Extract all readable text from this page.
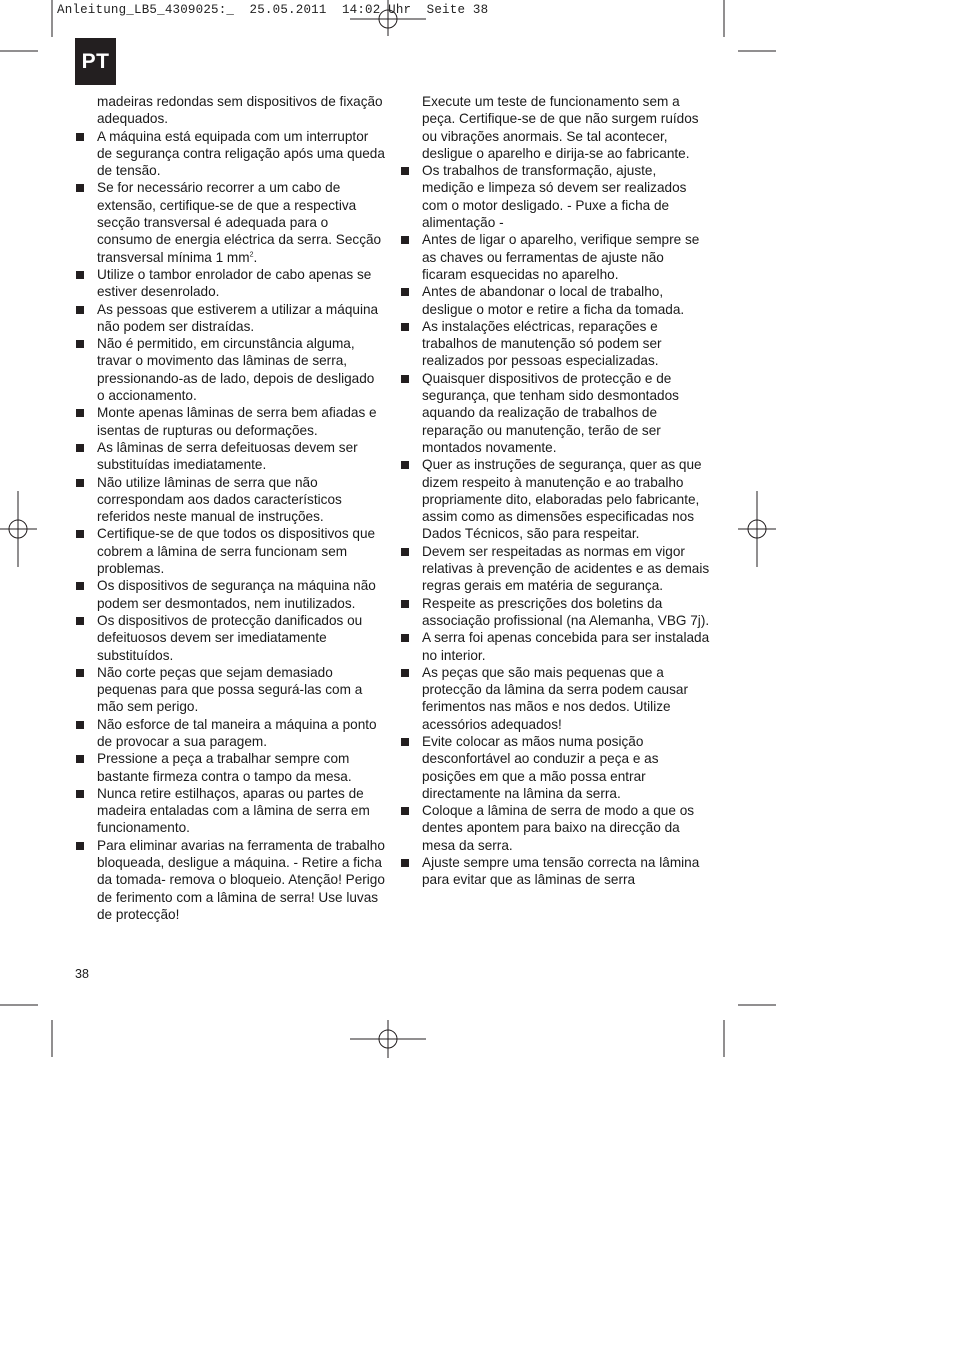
Anleitung_LB5_4309025:_  25.05.2011  14:02 Uhr  Seite 38
PT

madeiras redondas sem dispositivos de fixação adequados.

A máquina está equipada com um interruptor de segurança contra religação após uma queda de tensão.
Se for necessário recorrer a um cabo de extensão, certifique-se de que a respectiva secção transversal é adequada para o consumo de energia eléctrica da serra. Secção transversal mínima 1 $mm^2$.
Utilize o tambor enrolador de cabo apenas se estiver desenrolado.
As pessoas que estiverem a utilizar a máquina não podem ser distraídas.
Não é permitido, em circunstância alguma, travar o movimento das lâminas de serra, pressionando-as de lado, depois de desligado o accionamento.
Monte apenas lâminas de serra bem afiadas e isentas de rupturas ou deformações.
As lâminas de serra defeituosas devem ser substituídas imediatamente.
Não utilize lâminas de serra que não correspondam aos dados característicos referidos neste manual de instruções.
Certifique-se de que todos os dispositivos que cobrem a lâmina de serra funcionam sem problemas.
Os dispositivos de segurança na máquina não podem ser desmontados, nem inutilizados.
Os dispositivos de protecção danificados ou defeituosos devem ser imediatamente substituídos.
Não corte peças que sejam demasiado pequenas para que possa segurá-las com a mão sem perigo.
Não esforce de tal maneira a máquina a ponto de provocar a sua paragem.
Pressione a peça a trabalhar sempre com bastante firmeza contra o tampo da mesa.
Nunca retire estilhaços, aparas ou partes de madeira entaladas com a lâmina de serra em funcionamento.
Para eliminar avarias na ferramenta de trabalho bloqueada, desligue a máquina. - Retire a ficha da tomada- remova o bloqueio. Atenção! Perigo de ferimento com a lâmina de serra! Use luvas de protecção!

Execute um teste de funcionamento sem a peça. Certifique-se de que não surgem ruídos ou vibrações anormais. Se tal acontecer, desligue o aparelho e dirija-se ao fabricante.

Os trabalhos de transformação, ajuste, medição e limpeza só devem ser realizados com o motor desligado. - Puxe a ficha de alimentação -
Antes de ligar o aparelho, verifique sempre se as chaves ou ferramentas de ajuste não ficaram esquecidas no aparelho.
Antes de abandonar o local de trabalho, desligue o motor e retire a ficha da tomada.
As instalações eléctricas, reparações e trabalhos de manutenção só podem ser realizados por pessoas especializadas.
Quaisquer dispositivos de protecção e de segurança, que tenham sido desmontados aquando da realização de trabalhos de reparação ou manutenção, terão de ser montados novamente.
Quer as instruções de segurança, quer as que dizem respeito à manutenção e ao trabalho propriamente dito, elaboradas pelo fabricante, assim como as dimensões especificadas nos Dados Técnicos, são para respeitar.
Devem ser respeitadas as normas em vigor relativas à prevenção de acidentes e as demais regras gerais em matéria de segurança.
Respeite as prescrições dos boletins da associação profissional (na Alemanha, VBG 7j).
A serra foi apenas concebida para ser instalada no interior.
As peças que são mais pequenas que a protecção da lâmina da serra podem causar ferimentos nas mãos e nos dedos. Utilize acessórios adequados!
Evite colocar as mãos numa posição desconfortável ao conduzir a peça e as posições em que a mão possa entrar directamente na lâmina da serra.
Coloque a lâmina de serra de modo a que os dentes apontem para baixo na direcção da mesa da serra.
Ajuste sempre uma tensão correcta na lâmina para evitar que as lâminas de serra
38
